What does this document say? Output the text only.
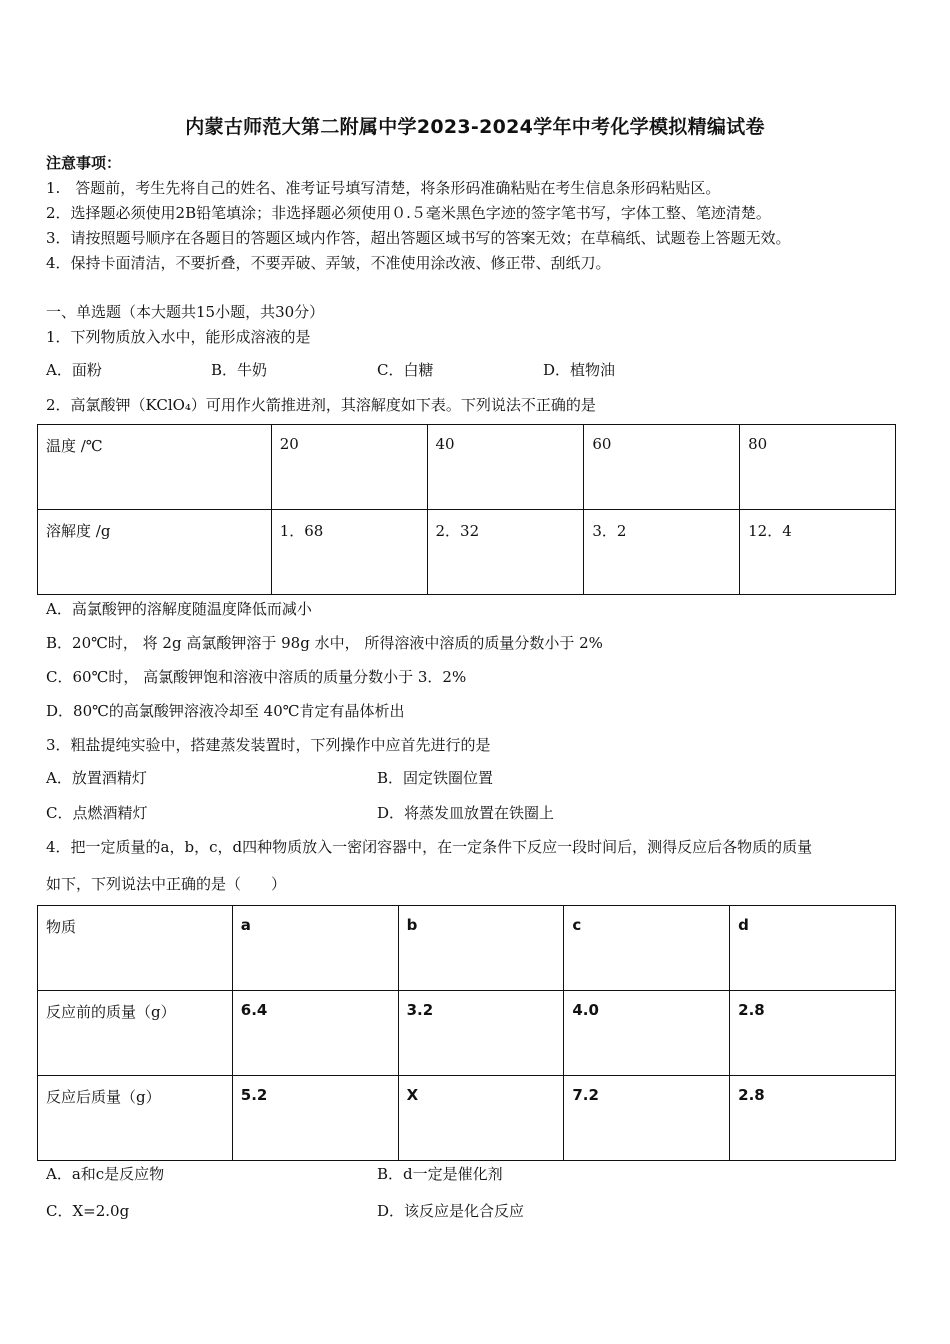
内蒙古师范大第二附属中学2023-2024学年中考化学模拟精编试卷
注意事项：
1.　答题前，考生先将自己的姓名、准考证号填写清楚，将条形码准确粘贴在考生信息条形码粘贴区。
2．选择题必须使用2B铅笔填涂；非选择题必须使用０.５毫米黑色字迹的签字笔书写，字体工整、笔迹清楚。
3．请按照题号顺序在各题目的答题区域内作答，超出答题区域书写的答案无效；在草稿纸、试题卷上答题无效。
4．保持卡面清洁，不要折叠，不要弄破、弄皱，不准使用涂改液、修正带、刮纸刀。
一、单选题（本大题共15小题，共30分）
1．下列物质放入水中，能形成溶液的是
A．面粉	B．牛奶	C．白糖	D．植物油
2．高氯酸钾（KClO₄）可用作火箭推进剂，其溶解度如下表。下列说法不正确的是
温度 /℃	20	40	60	80
溶解度 /g	1．68	2．32	3．2	12．4
A．高氯酸钾的溶解度随温度降低而减小
B．20℃时， 将 2g 高氯酸钾溶于 98g 水中， 所得溶液中溶质的质量分数小于 2%
C．60℃时， 高氯酸钾饱和溶液中溶质的质量分数小于 3．2%
D．80℃的高氯酸钾溶液冷却至 40℃肯定有晶体析出
3．粗盐提纯实验中，搭建蒸发装置时，下列操作中应首先进行的是
A．放置酒精灯	B．固定铁圈位置
C．点燃酒精灯	D．将蒸发皿放置在铁圈上
4．把一定质量的a，b，c，d四种物质放入一密闭容器中，在一定条件下反应一段时间后，测得反应后各物质的质量
如下，下列说法中正确的是（　　）
物质	a	b	c	d
反应前的质量（g）	6.4	3.2	4.0	2.8
反应后质量（g）	5.2	X	7.2	2.8
A．a和c是反应物	B．d一定是催化剂
C．X=2.0g	D．该反应是化合反应
